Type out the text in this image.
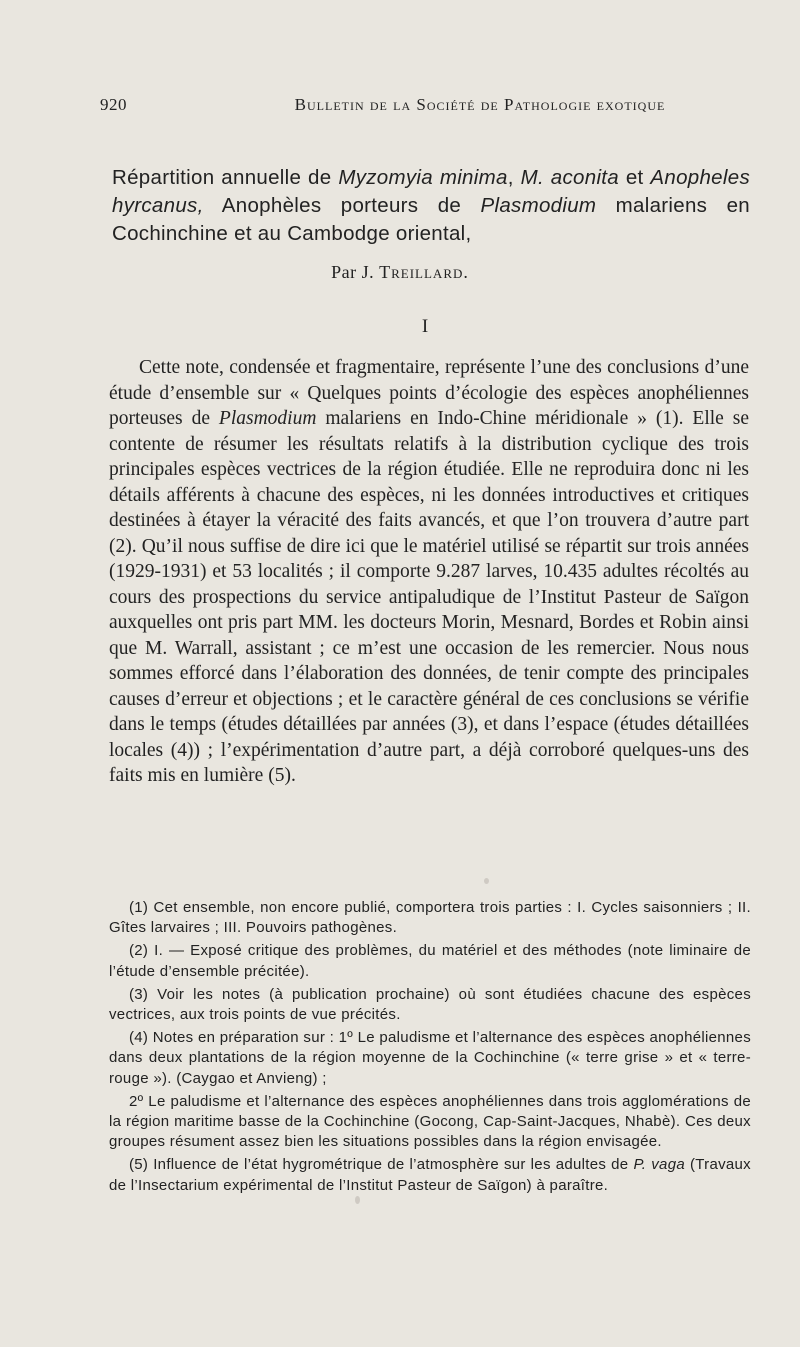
920	Bulletin de la Société de Pathologie exotique
Répartition annuelle de Myzomyia minima, M. aconita et Anopheles hyrcanus, Anophèles porteurs de Plasmodium malariens en Cochinchine et au Cambodge oriental,
Par J. Treillard.
I

Cette note, condensée et fragmentaire, représente l’une des conclusions d’une étude d’ensemble sur « Quelques points d’écologie des espèces anophéliennes porteuses de Plasmodium malariens en Indo-Chine méridionale » (1). Elle se contente de résumer les résultats relatifs à la distribution cyclique des trois principales espèces vectrices de la région étudiée. Elle ne reproduira donc ni les détails afférents à chacune des espèces, ni les données introductives et critiques destinées à étayer la véracité des faits avancés, et que l’on trouvera d’autre part (2). Qu’il nous suffise de dire ici que le matériel utilisé se répartit sur trois années (1929-1931) et 53 localités ; il comporte 9.287 larves, 10.435 adultes récoltés au cours des prospections du service antipaludique de l’Institut Pasteur de Saïgon auxquelles ont pris part MM. les docteurs Morin, Mesnard, Bordes et Robin ainsi que M. Warrall, assistant ; ce m’est une occasion de les remercier. Nous nous sommes efforcé dans l’élaboration des données, de tenir compte des principales causes d’erreur et objections ; et le caractère général de ces conclusions se vérifie dans le temps (études détaillées par années (3), et dans l’espace (études détaillées locales (4)) ; l’expérimentation d’autre part, a déjà corroboré quelques-uns des faits mis en lumière (5).

(1) Cet ensemble, non encore publié, comportera trois parties : I. Cycles saisonniers ; II. Gîtes larvaires ; III. Pouvoirs pathogènes.

(2) I. — Exposé critique des problèmes, du matériel et des méthodes (note liminaire de l’étude d’ensemble précitée).

(3) Voir les notes (à publication prochaine) où sont étudiées chacune des espèces vectrices, aux trois points de vue précités.

(4) Notes en préparation sur : 1º Le paludisme et l’alternance des espèces anophéliennes dans deux plantations de la région moyenne de la Cochinchine (« terre grise » et « terre-rouge »). (Caygao et Anvieng) ;

2º Le paludisme et l’alternance des espèces anophéliennes dans trois agglomérations de la région maritime basse de la Cochinchine (Gocong, Cap-Saint-Jacques, Nhabè). Ces deux groupes résument assez bien les situations possibles dans la région envisagée.

(5) Influence de l’état hygrométrique de l’atmosphère sur les adultes de P. vaga (Travaux de l’Insectarium expérimental de l’Institut Pasteur de Saïgon) à paraître.
